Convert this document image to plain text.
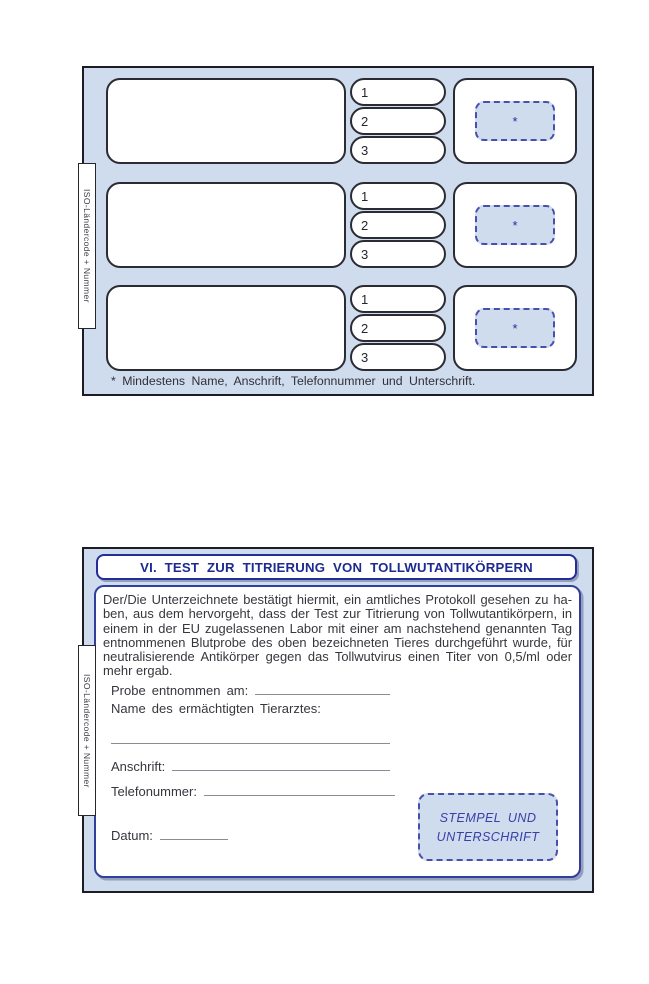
ISO-Ländercode + Nummer
1
2
3
*
1
2
3
*
1
2
3
*
* Mindestens Name, Anschrift, Telefonnummer und Unterschrift.
ISO-Ländercode + Nummer
VI. TEST ZUR TITRIERUNG VON TOLLWUTANTIKÖRPERN
Der/Die Unterzeichnete bestätigt hiermit, ein amtliches Protokoll gesehen zu ha-
ben, aus dem hervorgeht, dass der Test zur Titrierung von Tollwutantikörpern, in
einem in der EU zugelassenen Labor mit einer am nachstehend genannten Tag
entnommenen Blutprobe des oben bezeichneten Tieres durchgeführt wurde, für
neutralisierende Antikörper gegen das Tollwutvirus einen Titer von 0,5/ml oder
mehr ergab.
Probe entnommen am:
Name des ermächtigten Tierarztes:
Anschrift:
Telefonummer:
Datum:
STEMPEL UND
UNTERSCHRIFT
